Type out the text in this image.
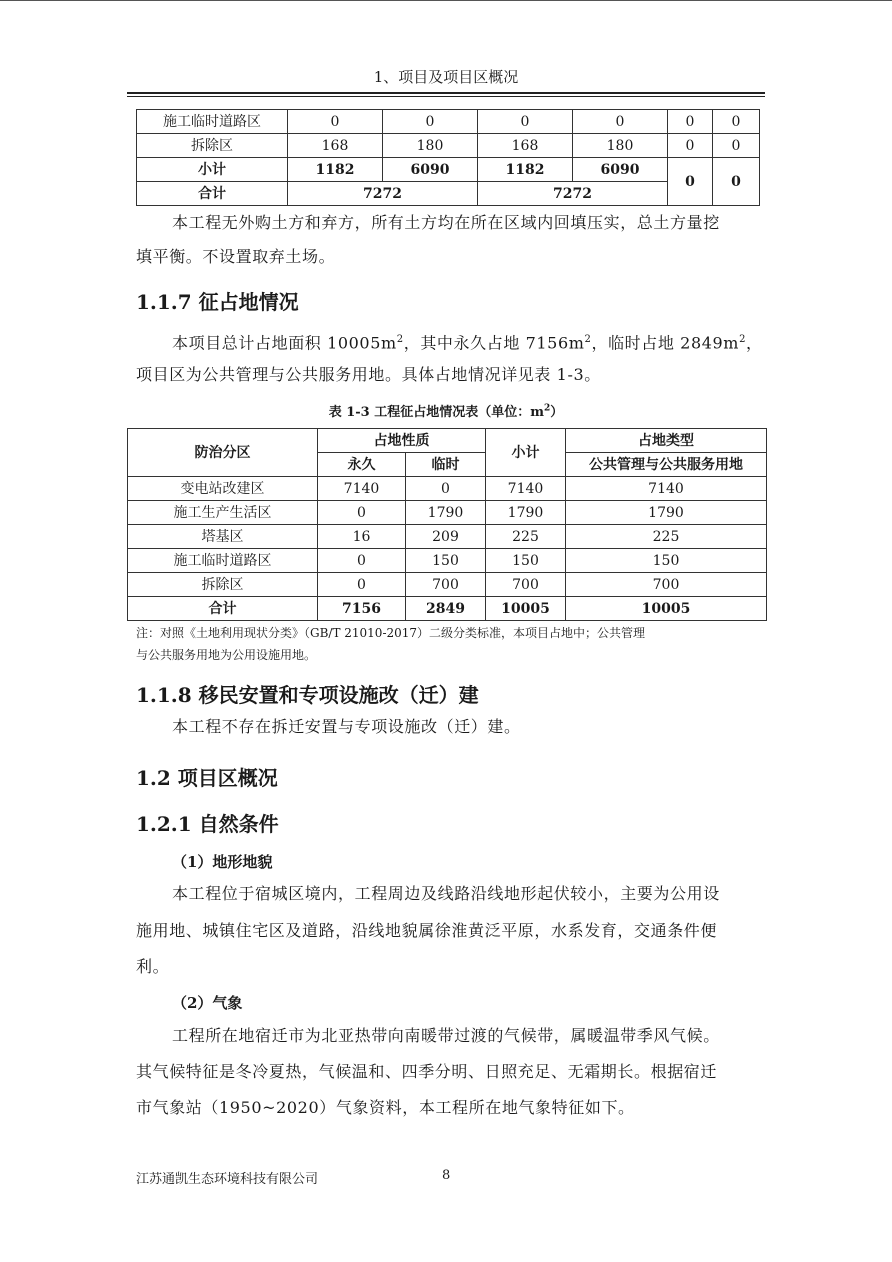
1、项目及项目区概况
施工临时道路区	0	0	0	0	0	0
拆除区	168	180	168	180	0	0
小计	1182	6090	1182	6090	0	0
合计	7272		7272			
本工程无外购土方和弃方，所有土方均在所在区域内回填压实，总土方量挖
填平衡。不设置取弃土场。
1.1.7 征占地情况
本项目总计占地面积 $10005m^2$，其中永久占地 $7156m^2$，临时占地 $2849m^2$，
项目区为公共管理与公共服务用地。具体占地情况详见表 1-3。
表 1-3 工程征占地情况表（单位：$m^2$）
防治分区	占地性质		小计	占地类型
	永久	临时		公共管理与公共服务用地
变电站改建区	7140	0	7140	7140
施工生产生活区	0	1790	1790	1790
塔基区	16	209	225	225
施工临时道路区	0	150	150	150
拆除区	0	700	700	700
合计	7156	2849	10005	10005
注：对照《土地利用现状分类》（GB/T 21010-2017）二级分类标准，本项目占地中；公共管理
与公共服务用地为公用设施用地。
1.1.8 移民安置和专项设施改（迁）建
本工程不存在拆迁安置与专项设施改（迁）建。
1.2 项目区概况
1.2.1 自然条件
（1）地形地貌
本工程位于宿城区境内，工程周边及线路沿线地形起伏较小，主要为公用设
施用地、城镇住宅区及道路，沿线地貌属徐淮黄泛平原，水系发育，交通条件便
利。
（2）气象
工程所在地宿迁市为北亚热带向南暖带过渡的气候带，属暖温带季风气候。
其气候特征是冬冷夏热，气候温和、四季分明、日照充足、无霜期长。根据宿迁
市气象站（1950~2020）气象资料，本工程所在地气象特征如下。
江苏通凯生态环境科技有限公司	8
